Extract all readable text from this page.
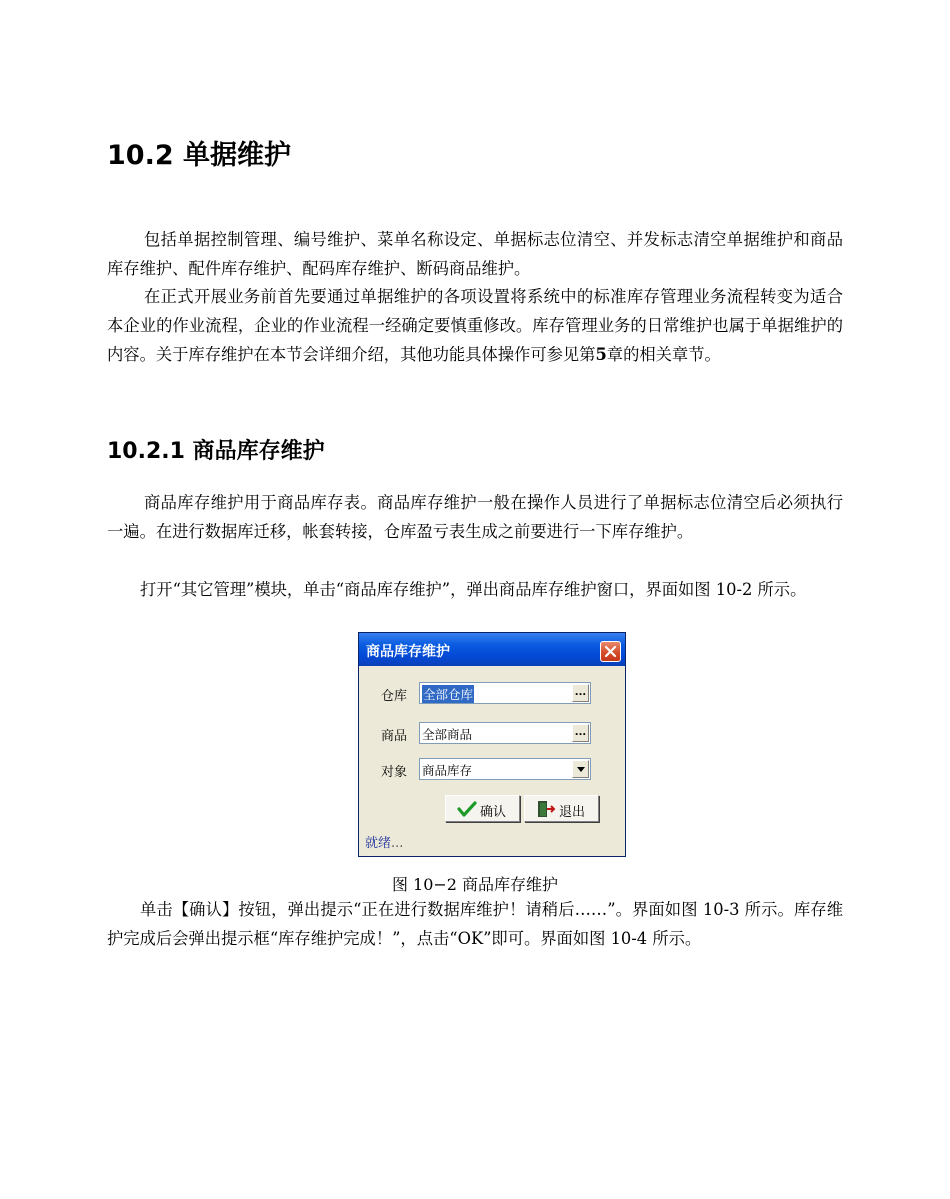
10.2 单据维护

包括单据控制管理、编号维护、菜单名称设定、单据标志位清空、并发标志清空单据维护和商品库存维护、配件库存维护、配码库存维护、断码商品维护。

在正式开展业务前首先要通过单据维护的各项设置将系统中的标准库存管理业务流程转变为适合本企业的作业流程，企业的作业流程一经确定要慎重修改。库存管理业务的日常维护也属于单据维护的内容。关于库存维护在本节会详细介绍，其他功能具体操作可参见第5章的相关章节。

10.2.1 商品库存维护

商品库存维护用于商品库存表。商品库存维护一般在操作人员进行了单据标志位清空后必须执行一遍。在进行数据库迁移，帐套转接，仓库盈亏表生成之前要进行一下库存维护。

打开“其它管理”模块，单击“商品库存维护”，弹出商品库存维护窗口，界面如图 10-2 所示。

商品库存维护
仓库 全部仓库	...
商品 全部商品	...
对象 商品库存
确认	退出
就绪...
图 10−2 商品库存维护

单击【确认】按钮，弹出提示“正在进行数据库维护！请稍后……”。界面如图 10-3 所示。库存维护完成后会弹出提示框“库存维护完成！”，点击“OK”即可。界面如图 10-4 所示。
